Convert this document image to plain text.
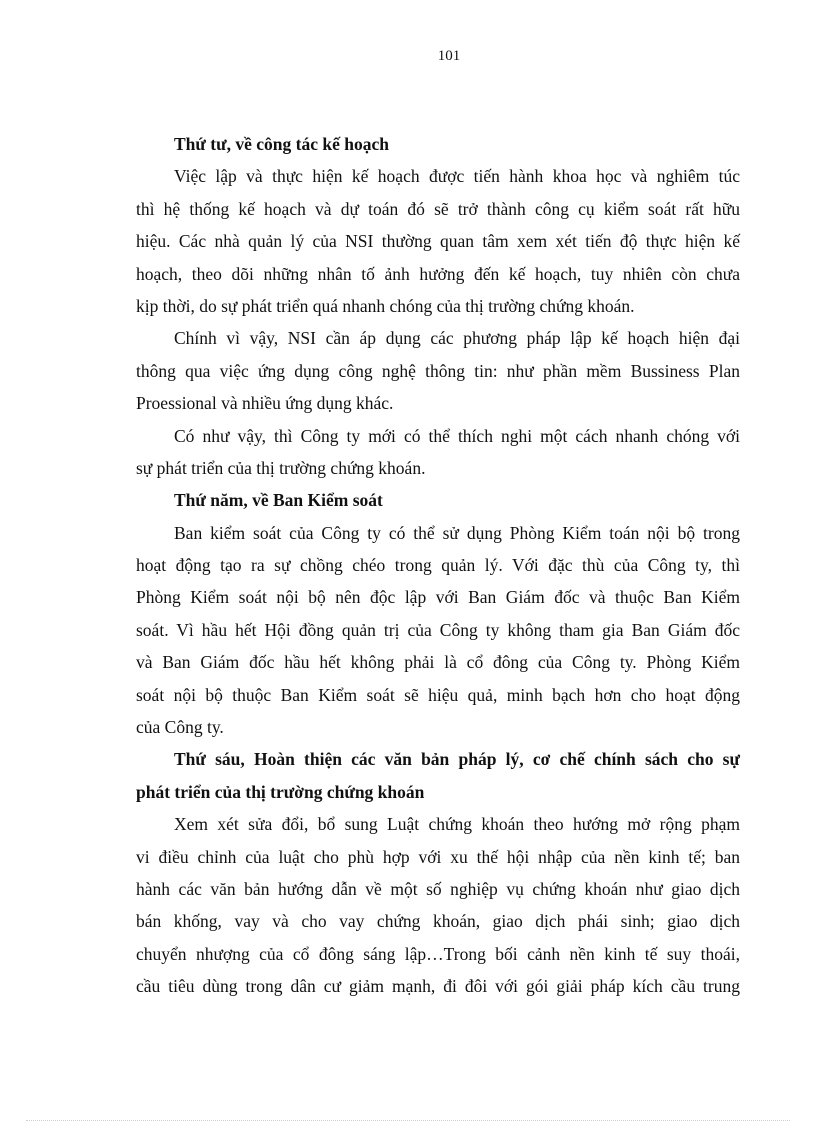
101
Thứ tư, về công tác kế hoạch
Việc lập và thực hiện kế hoạch được tiến hành khoa học và nghiêm túc
thì hệ thống kế hoạch và dự toán đó sẽ trở thành công cụ kiểm soát rất hữu
hiệu. Các nhà quản lý của NSI thường quan tâm xem xét tiến độ thực hiện kế
hoạch, theo dõi những nhân tố ảnh hưởng đến kế hoạch, tuy nhiên còn chưa
kịp thời, do sự phát triển quá nhanh chóng của thị trường chứng khoán.
Chính vì vậy, NSI cần áp dụng các phương pháp lập kế hoạch hiện đại
thông qua việc ứng dụng công nghệ thông tin: như phần mềm Bussiness Plan
Proessional và nhiều ứng dụng khác.
Có như vậy, thì Công ty mới có thể thích nghi một cách nhanh chóng với
sự phát triển của thị trường chứng khoán.
Thứ năm, về Ban Kiểm soát
Ban kiểm soát của Công ty có thể sử dụng Phòng Kiểm toán nội bộ trong
hoạt động tạo ra sự chồng chéo trong quản lý. Với đặc thù của Công ty, thì
Phòng Kiểm soát nội bộ nên độc lập với Ban Giám đốc và thuộc Ban Kiểm
soát. Vì hầu hết Hội đồng quản trị của Công ty không tham gia Ban Giám đốc
và Ban Giám đốc hầu hết không phải là cổ đông của Công ty. Phòng Kiểm
soát nội bộ thuộc Ban Kiểm soát sẽ hiệu quả, minh bạch hơn cho hoạt động
của Công ty.
Thứ sáu, Hoàn thiện các văn bản pháp lý, cơ chế chính sách cho sự
phát triển của thị trường chứng khoán
Xem xét sửa đổi, bổ sung Luật chứng khoán theo hướng mở rộng phạm
vi điều chỉnh của luật cho phù hợp với xu thế hội nhập của nền kinh tế; ban
hành các văn bản hướng dẫn về một số nghiệp vụ chứng khoán như giao dịch
bán khống, vay và cho vay chứng khoán, giao dịch phái sinh; giao dịch
chuyển nhượng của cổ đông sáng lập…Trong bối cảnh nền kinh tế suy thoái,
cầu tiêu dùng trong dân cư giảm mạnh, đi đôi với gói giải pháp kích cầu trung
